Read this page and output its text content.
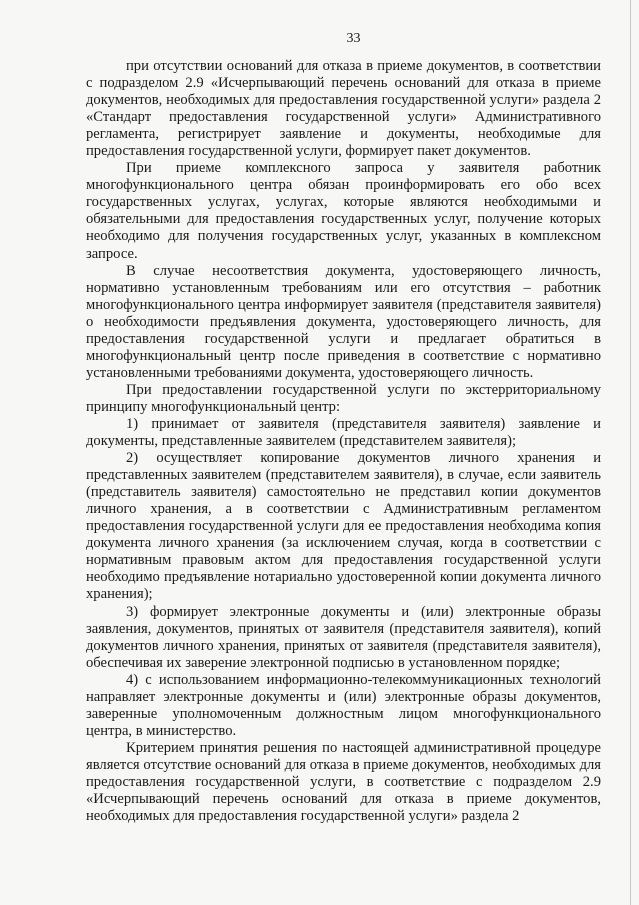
33

при отсутствии оснований для отказа в приеме документов, в соответствии с подразделом 2.9 «Исчерпывающий перечень оснований для отказа в приеме документов, необходимых для предоставления государственной услуги» раздела 2 «Стандарт предоставления государственной услуги» Административного регламента, регистрирует заявление и документы, необходимые для предоставления государственной услуги, формирует пакет документов.

При приеме комплексного запроса у заявителя работник многофункционального центра обязан проинформировать его обо всех государственных услугах, услугах, которые являются необходимыми и обязательными для предоставления государственных услуг, получение которых необходимо для получения государственных услуг, указанных в комплексном запросе.

В случае несоответствия документа, удостоверяющего личность, нормативно установленным требованиям или его отсутствия – работник многофункционального центра информирует заявителя (представителя заявителя) о необходимости предъявления документа, удостоверяющего личность, для предоставления государственной услуги и предлагает обратиться в многофункциональный центр после приведения в соответствие с нормативно установленными требованиями документа, удостоверяющего личность.

При предоставлении государственной услуги по экстерриториальному принципу многофункциональный центр:

1) принимает от заявителя (представителя заявителя) заявление и документы, представленные заявителем (представителем заявителя);

2) осуществляет копирование документов личного хранения и представленных заявителем (представителем заявителя), в случае, если заявитель (представитель заявителя) самостоятельно не представил копии документов личного хранения, а в соответствии с Административным регламентом предоставления государственной услуги для ее предоставления необходима копия документа личного хранения (за исключением случая, когда в соответствии с нормативным правовым актом для предоставления государственной услуги необходимо предъявление нотариально удостоверенной копии документа личного хранения);

3) формирует электронные документы и (или) электронные образы заявления, документов, принятых от заявителя (представителя заявителя), копий документов личного хранения, принятых от заявителя (представителя заявителя), обеспечивая их заверение электронной подписью в установленном порядке;

4) с использованием информационно-телекоммуникационных технологий направляет электронные документы и (или) электронные образы документов, заверенные уполномоченным должностным лицом многофункционального центра, в министерство.

Критерием принятия решения по настоящей административной процедуре является отсутствие оснований для отказа в приеме документов, необходимых для предоставления государственной услуги, в соответствие с подразделом 2.9 «Исчерпывающий перечень оснований для отказа в приеме документов, необходимых для предоставления государственной услуги» раздела 2
